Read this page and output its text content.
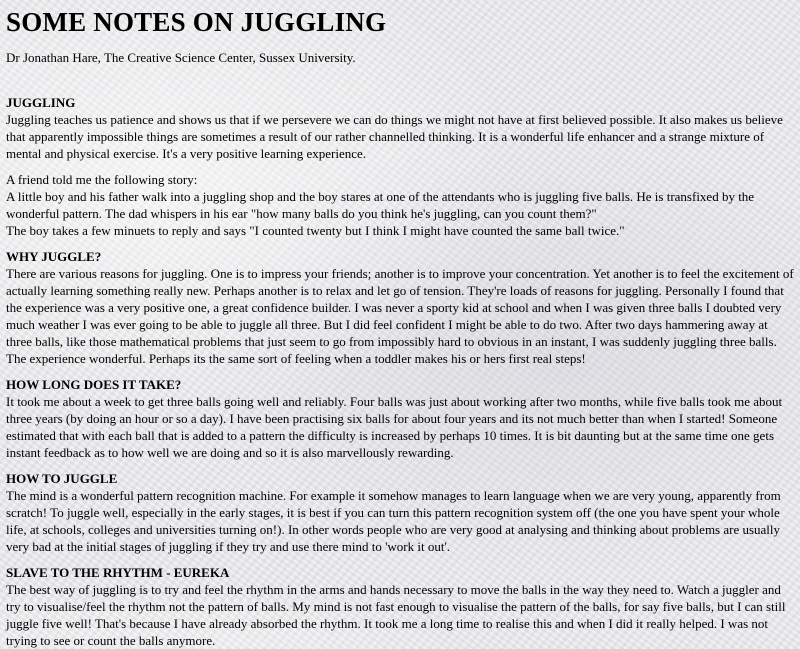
SOME NOTES ON JUGGLING
Dr Jonathan Hare, The Creative Science Center, Sussex University.
JUGGLING
Juggling teaches us patience and shows us that if we persevere we can do things we might not have at first believed possible. It also makes us believe that apparently impossible things are sometimes a result of our rather channelled thinking. It is a wonderful life enhancer and a strange mixture of mental and physical exercise. It's a very positive learning experience.
A friend told me the following story:
A little boy and his father walk into a juggling shop and the boy stares at one of the attendants who is juggling five balls. He is transfixed by the wonderful pattern. The dad whispers in his ear "how many balls do you think he's juggling, can you count them?"
The boy takes a few minuets to reply and says "I counted twenty but I think I might have counted the same ball twice."
WHY JUGGLE?
There are various reasons for juggling. One is to impress your friends; another is to improve your concentration. Yet another is to feel the excitement of actually learning something really new. Perhaps another is to relax and let go of tension. They're loads of reasons for juggling. Personally I found that the experience was a very positive one, a great confidence builder. I was never a sporty kid at school and when I was given three balls I doubted very much weather I was ever going to be able to juggle all three. But I did feel confident I might be able to do two. After two days hammering away at three balls, like those mathematical problems that just seem to go from impossibly hard to obvious in an instant, I was suddenly juggling three balls. The experience wonderful. Perhaps its the same sort of feeling when a toddler makes his or hers first real steps!
HOW LONG DOES IT TAKE?
It took me about a week to get three balls going well and reliably. Four balls was just about working after two months, while five balls took me about three years (by doing an hour or so a day). I have been practising six balls for about four years and its not much better than when I started! Someone estimated that with each ball that is added to a pattern the difficulty is increased by perhaps 10 times. It is bit daunting but at the same time one gets instant feedback as to how well we are doing and so it is also marvellously rewarding.
HOW TO JUGGLE
The mind is a wonderful pattern recognition machine. For example it somehow manages to learn language when we are very young, apparently from scratch! To juggle well, especially in the early stages, it is best if you can turn this pattern recognition system off (the one you have spent your whole life, at schools, colleges and universities turning on!). In other words people who are very good at analysing and thinking about problems are usually very bad at the initial stages of juggling if they try and use there mind to 'work it out'.
SLAVE TO THE RHYTHM - EUREKA
The best way of juggling is to try and feel the rhythm in the arms and hands necessary to move the balls in the way they need to. Watch a juggler and try to visualise/feel the rhythm not the pattern of balls. My mind is not fast enough to visualise the pattern of the balls, for say five balls, but I can still juggle five well! That's because I have already absorbed the rhythm. It took me a long time to realise this and when I did it really helped. I was not trying to see or count the balls anymore.
